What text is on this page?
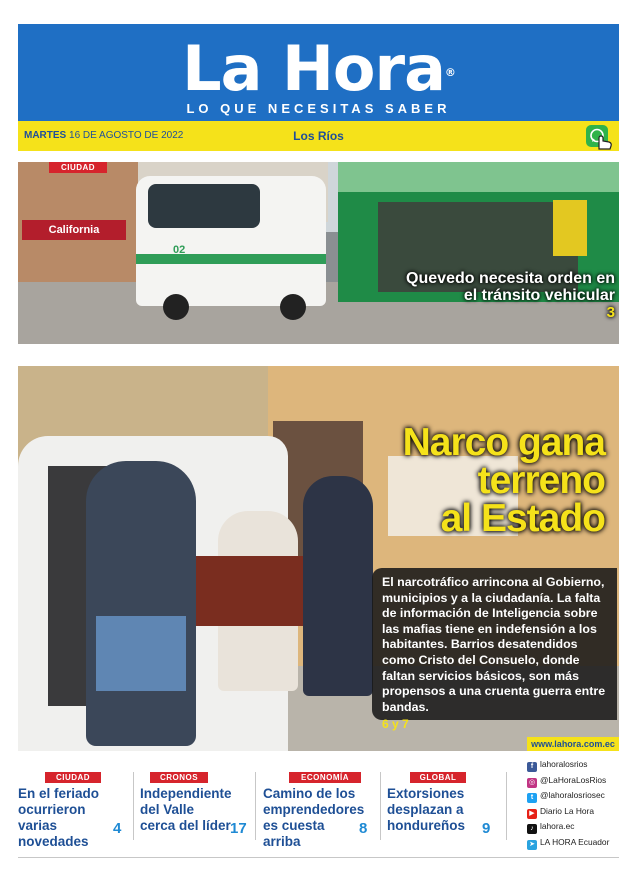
La Hora®
LO QUE NECESITAS SABER
MARTES 16 DE AGOSTO DE 2022	Los Ríos
California
02
Quevedo necesita orden en el tránsito vehicular
3
CIUDAD
Narco gana
terreno
al Estado
El narcotráfico arrincona al Gobierno, municipios y a la ciudadanía. La falta de información de Inteligencia sobre las mafias tiene en indefensión a los habitantes. Barrios desatendidos como Cristo del Consuelo, donde faltan servicios básicos, son más propensos a una cruenta guerra entre bandas.
6 y 7
www.lahora.com.ec
f lahoralosrios
◎ @LaHoraLosRios
t @lahoralosriosec
▶ Diario La Hora
♪ lahora.ec
➤ LA HORA Ecuador
CIUDAD
En el feriado ocurrieron varias novedades
4
CRONOS
Independiente del Valle cerca del líder 17
ECONOMÍA
Camino de los emprendedores es cuesta arriba
8
GLOBAL
Extorsiones desplazan a hondureños	9
